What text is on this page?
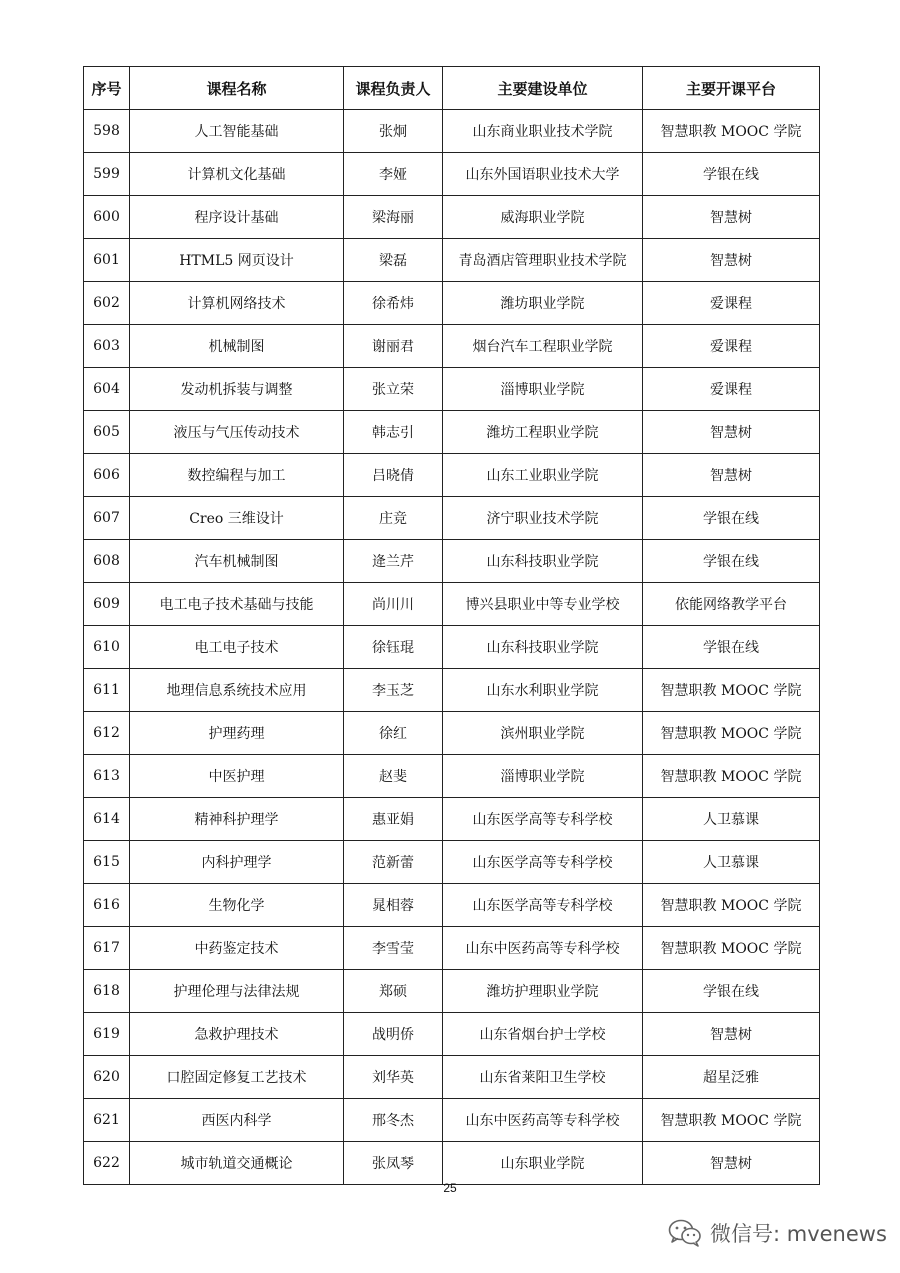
序号	课程名称	课程负责人	主要建设单位	主要开课平台
598	人工智能基础	张炯	山东商业职业技术学院	智慧职教 MOOC 学院
599	计算机文化基础	李娅	山东外国语职业技术大学	学银在线
600	程序设计基础	梁海丽	威海职业学院	智慧树
601	HTML5 网页设计	梁磊	青岛酒店管理职业技术学院	智慧树
602	计算机网络技术	徐希炜	潍坊职业学院	爱课程
603	机械制图	谢丽君	烟台汽车工程职业学院	爱课程
604	发动机拆装与调整	张立荣	淄博职业学院	爱课程
605	液压与气压传动技术	韩志引	潍坊工程职业学院	智慧树
606	数控编程与加工	吕晓倩	山东工业职业学院	智慧树
607	Creo 三维设计	庄竞	济宁职业技术学院	学银在线
608	汽车机械制图	逄兰芹	山东科技职业学院	学银在线
609	电工电子技术基础与技能	尚川川	博兴县职业中等专业学校	依能网络教学平台
610	电工电子技术	徐钰琨	山东科技职业学院	学银在线
611	地理信息系统技术应用	李玉芝	山东水利职业学院	智慧职教 MOOC 学院
612	护理药理	徐红	滨州职业学院	智慧职教 MOOC 学院
613	中医护理	赵斐	淄博职业学院	智慧职教 MOOC 学院
614	精神科护理学	惠亚娟	山东医学高等专科学校	人卫慕课
615	内科护理学	范新蕾	山东医学高等专科学校	人卫慕课
616	生物化学	晁相蓉	山东医学高等专科学校	智慧职教 MOOC 学院
617	中药鉴定技术	李雪莹	山东中医药高等专科学校	智慧职教 MOOC 学院
618	护理伦理与法律法规	郑硕	潍坊护理职业学院	学银在线
619	急救护理技术	战明侨	山东省烟台护士学校	智慧树
620	口腔固定修复工艺技术	刘华英	山东省莱阳卫生学校	超星泛雅
621	西医内科学	邢冬杰	山东中医药高等专科学校	智慧职教 MOOC 学院
622	城市轨道交通概论	张凤琴	山东职业学院	智慧树
25
微信号: mvenews
